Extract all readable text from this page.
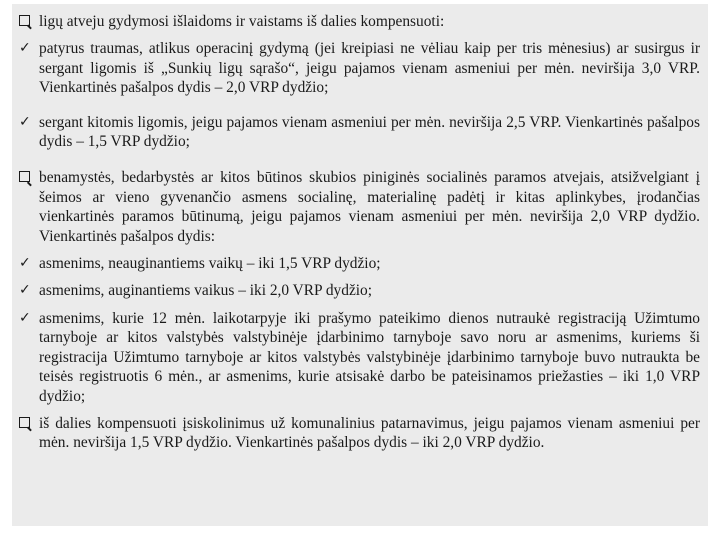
ligų atveju gydymosi išlaidoms ir vaistams iš dalies kompensuoti:

✓ patyrus traumas, atlikus operacinį gydymą (jei kreipiasi ne vėliau kaip per tris mėnesius) ar susirgus ir sergant ligomis iš „Sunkių ligų sąrašo“, jeigu pajamos vienam asmeniui per mėn. neviršija 3,0 VRP. Vienkartinės pašalpos dydis – 2,0 VRP dydžio;

✓ sergant kitomis ligomis, jeigu pajamos vienam asmeniui per mėn. neviršija 2,5 VRP. Vienkartinės pašalpos dydis – 1,5 VRP dydžio;

benamystės, bedarbystės ar kitos būtinos skubios piniginės socialinės paramos atvejais, atsižvelgiant į šeimos ar vieno gyvenančio asmens socialinę, materialinę padėtį ir kitas aplinkybes, įrodančias vienkartinės paramos būtinumą, jeigu pajamos vienam asmeniui per mėn. neviršija 2,0 VRP dydžio. Vienkartinės pašalpos dydis:

✓ asmenims, neauginantiems vaikų – iki 1,5 VRP dydžio;

✓ asmenims, auginantiems vaikus – iki 2,0 VRP dydžio;

✓ asmenims, kurie 12 mėn. laikotarpyje iki prašymo pateikimo dienos nutraukė registraciją Užimtumo tarnyboje ar kitos valstybės valstybinėje įdarbinimo tarnyboje savo noru ar asmenims, kuriems ši registracija Užimtumo tarnyboje ar kitos valstybės valstybinėje įdarbinimo tarnyboje buvo nutraukta be teisės registruotis 6 mėn., ar asmenims, kurie atsisakė darbo be pateisinamos priežasties – iki 1,0 VRP dydžio;

iš dalies kompensuoti įsiskolinimus už komunalinius patarnavimus, jeigu pajamos vienam asmeniui per mėn. neviršija 1,5 VRP dydžio. Vienkartinės pašalpos dydis – iki 2,0 VRP dydžio.
